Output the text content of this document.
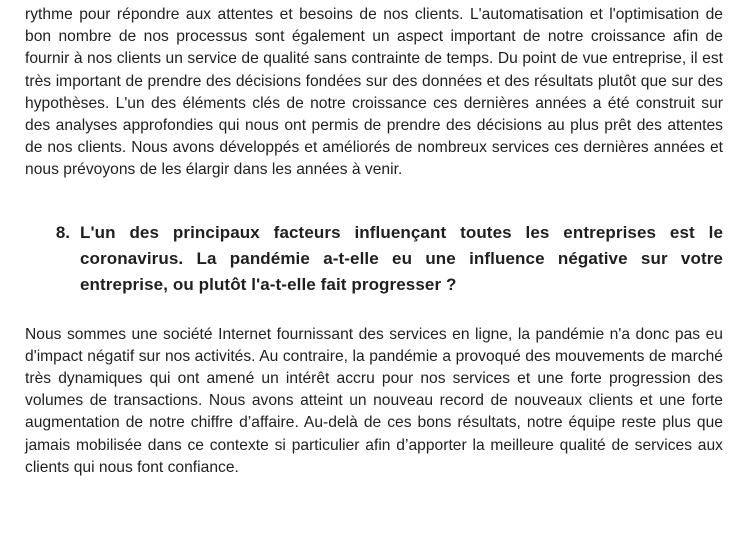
rythme pour répondre aux attentes et besoins de nos clients. L'automatisation et l'optimisation de bon nombre de nos processus sont également un aspect important de notre croissance afin de fournir à nos clients un service de qualité sans contrainte de temps. Du point de vue entreprise, il est très important de prendre des décisions fondées sur des données et des résultats plutôt que sur des hypothèses. L'un des éléments clés de notre croissance ces dernières années a été construit sur des analyses approfondies qui nous ont permis de prendre des décisions au plus prêt des attentes de nos clients. Nous avons développés et améliorés de nombreux services ces dernières années et nous prévoyons de les élargir dans les années à venir.

8. L'un des principaux facteurs influençant toutes les entreprises est le coronavirus. La pandémie a-t-elle eu une influence négative sur votre entreprise, ou plutôt l'a-t-elle fait progresser ?

Nous sommes une société Internet fournissant des services en ligne, la pandémie n'a donc pas eu d'impact négatif sur nos activités. Au contraire, la pandémie a provoqué des mouvements de marché très dynamiques qui ont amené un intérêt accru pour nos services et une forte progression des volumes de transactions. Nous avons atteint un nouveau record de nouveaux clients et une forte augmentation de notre chiffre d’affaire. Au-delà de ces bons résultats, notre équipe reste plus que jamais mobilisée dans ce contexte si particulier afin d’apporter la meilleure qualité de services aux clients qui nous font confiance.
